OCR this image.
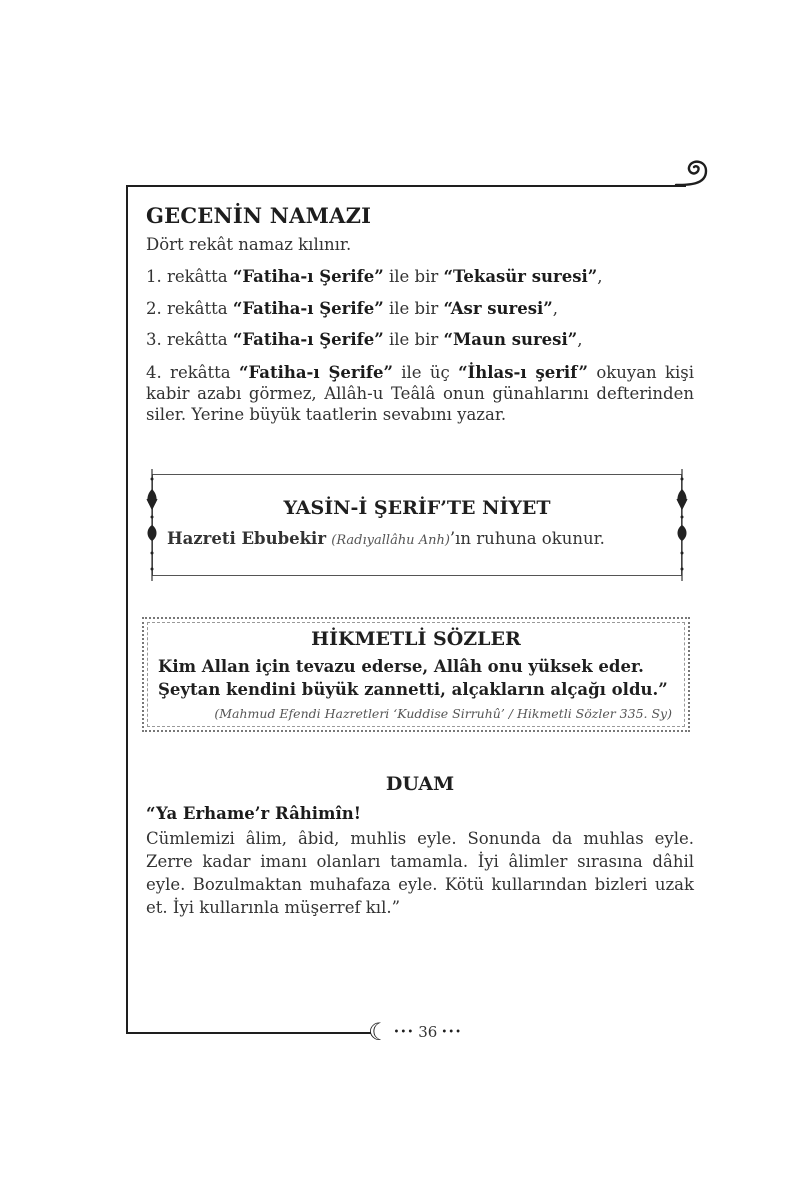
GECENİN NAMAZI

Dört rekât namaz kılınır.

1. rekâtta “Fatiha-ı Şerife” ile bir “Tekasür suresi”,

2. rekâtta “Fatiha-ı Şerife” ile bir “Asr suresi”,

3. rekâtta “Fatiha-ı Şerife” ile bir “Maun suresi”,

4. rekâtta “Fatiha-ı Şerife” ile üç “İhlas-ı şerif” okuyan kişi kabir azabı görmez, Allâh-u Teâlâ onun günahlarını defterinden siler. Yerine büyük taatlerin sevabını yazar.

YASİN-İ ŞERİF’TE NİYET

Hazreti Ebubekir (Radıyallâhu Anh)’ın ruhuna okunur.

HİKMETLİ SÖZLER

Kim Allan için tevazu ederse, Allâh onu yüksek eder. Şeytan kendini büyük zannetti, alçakların alçağı oldu.”

(Mahmud Efendi Hazretleri ‘Kuddise Sirruhû’ / Hikmetli Sözler 335. Sy)

DUAM

“Ya Erhame’r Râhimîn!

Cümlemizi âlim, âbid, muhlis eyle. Sonunda da muhlas eyle. Zerre kadar imanı olanları tamamla. İyi âlimler sırasına dâhil eyle. Bozulmaktan muhafaza eyle. Kötü kullarından bizleri uzak et. İyi kullarınla müşerref kıl.”

☾ ••• 36 •••
